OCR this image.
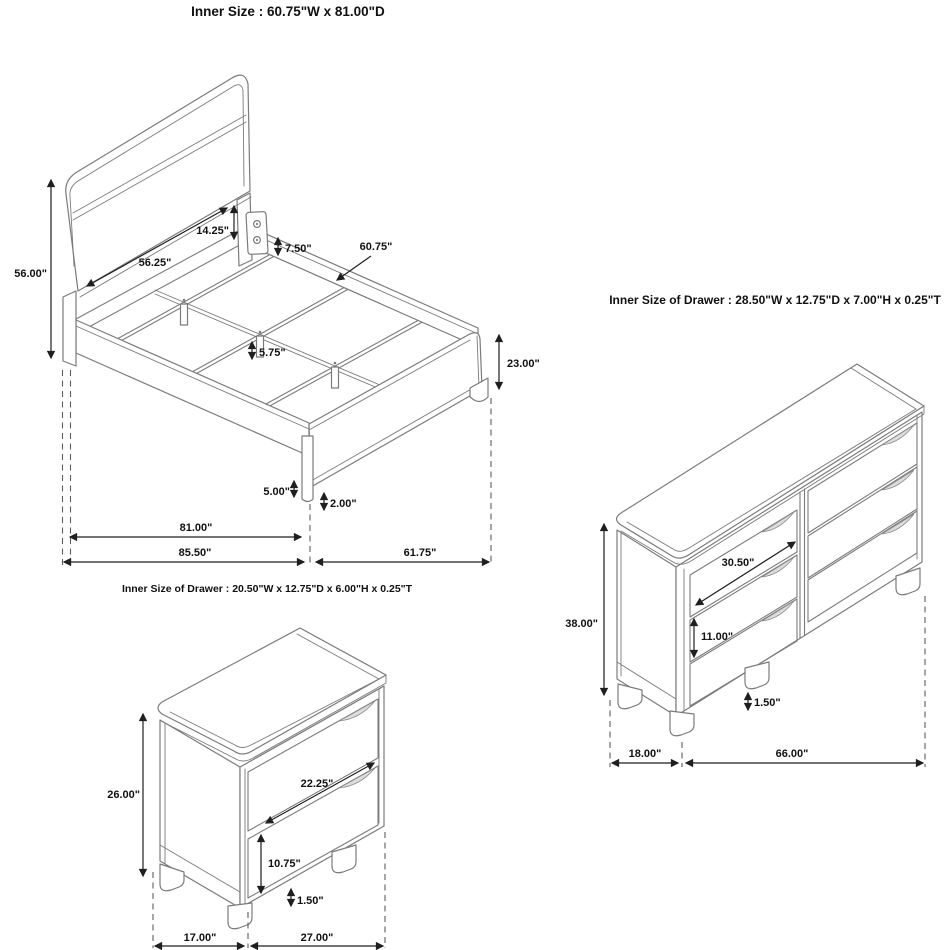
Inner Size : 60.75"W x 81.00"D
56.00"
56.25"
14.25"
7.50"	60.75"
5.75"
23.00"
5.00"
2.00"
81.00"
85.50"	61.75"
Inner Size of Drawer : 20.50"W x 12.75"D x 6.00"H x 0.25"T
26.00"
22.25"
10.75"
1.50"
17.00"	27.00"
Inner Size of Drawer : 28.50"W x 12.75"D x 7.00"H x 0.25"T
38.00"
30.50"
11.00"
1.50"
18.00"	66.00"
